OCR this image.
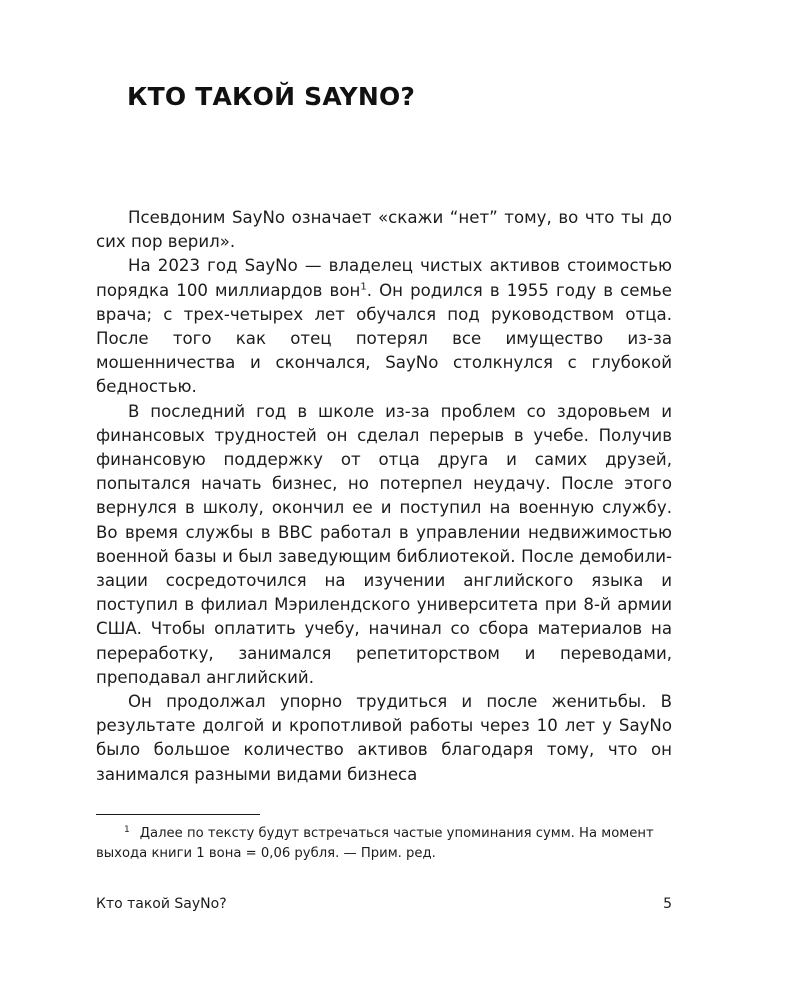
КТО ТАКОЙ SAYNO?

Псевдоним SayNo означает «скажи “нет” тому, во что ты до сих пор верил».

На 2023 год SayNo — владелец чистых активов стоимостью порядка 100 миллиардов вон$^1$. Он родился в 1955 году в семье врача; с трех-четырех лет обучался под руководством отца. После того как отец потерял все имущество из-за мошенничества и скончался, SayNo столкнулся с глубокой бедностью.

В последний год в школе из-за проблем со здоровьем и финансовых трудностей он сделал перерыв в учебе. Получив финансовую поддержку от отца друга и самих друзей, попытался начать бизнес, но потерпел неудачу. После этого вернулся в школу, окончил ее и поступил на военную службу. Во время службы в ВВС работал в управлении недвижимостью военной базы и был заведующим библиотекой. После демобилизации сосредоточился на изучении английского языка и поступил в филиал Мэрилендского университета при 8-й армии США. Чтобы оплатить учебу, начинал со сбора материалов на переработку, занимался репетиторством и переводами, преподавал английский.

Он продолжал упорно трудиться и после женитьбы. В результате долгой и кропотливой работы через 10 лет у SayNo было большое количество активов благодаря тому, что он занимался разными видами бизнеса

$^1$ Далее по тексту будут встречаться частые упоминания сумм. На момент выхода книги 1 вона = 0,06 рубля. — Прим. ред.

Кто такой SayNo?	5
